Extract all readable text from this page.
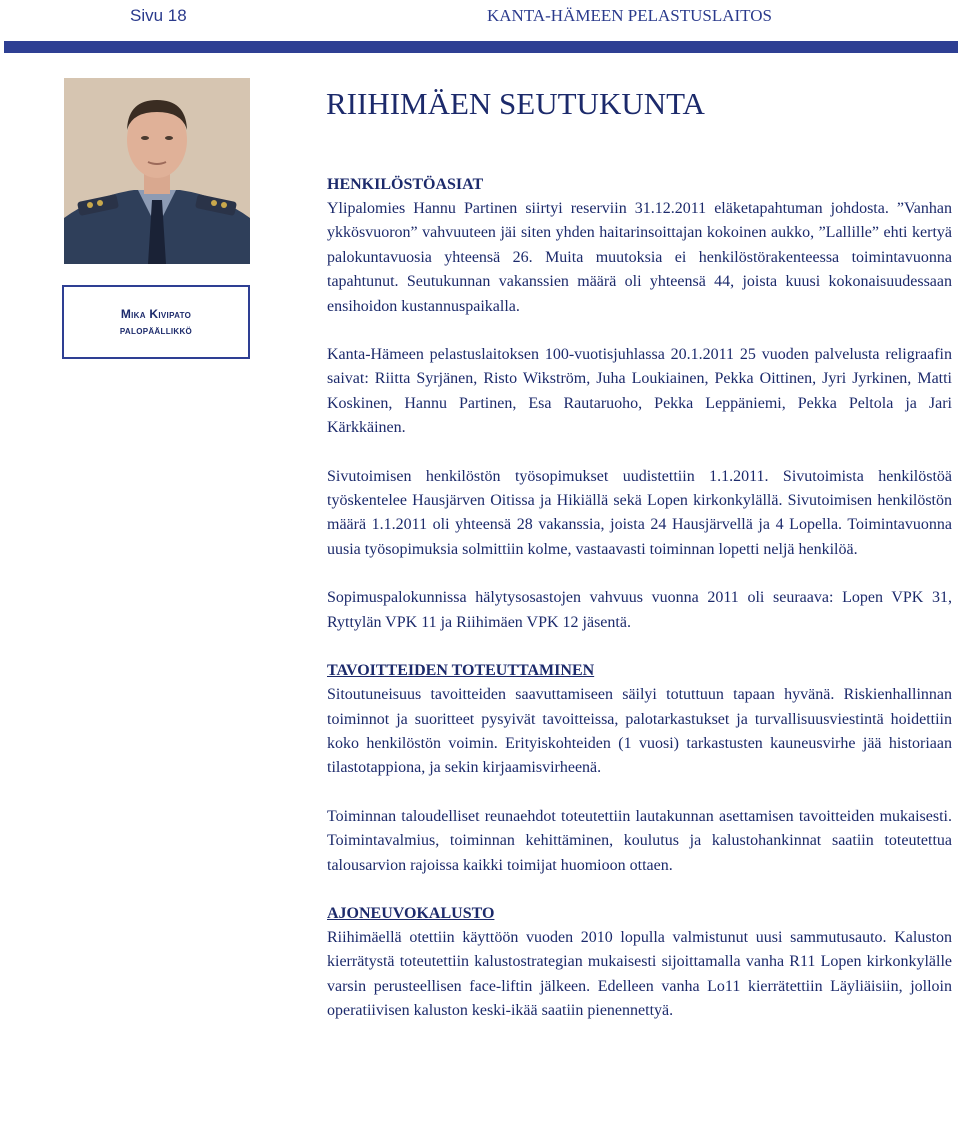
Sivu 18	KANTA-HÄMEEN PELASTUSLAITOS
Mika Kivipato
palopäällikkö
RIIHIMÄEN SEUTUKUNTA
HENKILÖSTÖASIAT

Ylipalomies Hannu Partinen siirtyi reserviin 31.12.2011 eläketapahtuman johdosta. ”Vanhan ykkösvuoron” vahvuuteen jäi siten yhden haitarinsoittajan kokoinen aukko, ”Lallille” ehti kertyä palokuntavuosia yhteensä 26. Muita muutoksia ei henkilöstörakenteessa toimintavuonna tapahtunut. Seutukunnan vakanssien määrä oli yhteensä 44, joista kuusi kokonaisuudessaan ensihoidon kustannuspaikalla.

Kanta-Hämeen pelastuslaitoksen 100-vuotisjuhlassa 20.1.2011 25 vuoden palvelusta religraafin saivat: Riitta Syrjänen, Risto Wikström, Juha Loukiainen, Pekka Oittinen, Jyri Jyrkinen, Matti Koskinen, Hannu Partinen, Esa Rautaruoho, Pekka Leppäniemi, Pekka Peltola ja Jari Kärkkäinen.

Sivutoimisen henkilöstön työsopimukset uudistettiin 1.1.2011. Sivutoimista henkilöstöä työskentelee Hausjärven Oitissa ja Hikiällä sekä Lopen kirkonkylällä. Sivutoimisen henkilöstön määrä 1.1.2011 oli yhteensä 28 vakanssia, joista 24 Hausjärvellä ja 4 Lopella. Toimintavuonna uusia työsopimuksia solmittiin kolme, vastaavasti toiminnan lopetti neljä henkilöä.

Sopimuspalokunnissa hälytysosastojen vahvuus vuonna 2011 oli seuraava: Lopen VPK 31, Ryttylän VPK 11 ja Riihimäen VPK 12 jäsentä.

TAVOITTEIDEN TOTEUTTAMINEN

Sitoutuneisuus tavoitteiden saavuttamiseen säilyi totuttuun tapaan hyvänä. Riskienhallinnan toiminnot ja suoritteet pysyivät tavoitteissa, palotarkastukset ja turvallisuusviestintä hoidettiin koko henkilöstön voimin. Erityiskohteiden (1 vuosi) tarkastusten kauneusvirhe jää historiaan tilastotappiona, ja sekin kirjaamisvirheenä.

Toiminnan taloudelliset reunaehdot toteutettiin lautakunnan asettamisen tavoitteiden mukaisesti. Toimintavalmius, toiminnan kehittäminen, koulutus ja kalustohankinnat saatiin toteutettua talousarvion rajoissa kaikki toimijat huomioon ottaen.

AJONEUVOKALUSTO

Riihimäellä otettiin käyttöön vuoden 2010 lopulla valmistunut uusi sammutusauto. Kaluston kierrätystä toteutettiin kalustostrategian mukaisesti sijoittamalla vanha R11 Lopen kirkonkylälle varsin perusteellisen face-liftin jälkeen. Edelleen vanha Lo11 kierrätettiin Läyliäisiin, jolloin operatiivisen kaluston keski-ikää saatiin pienennettyä.
